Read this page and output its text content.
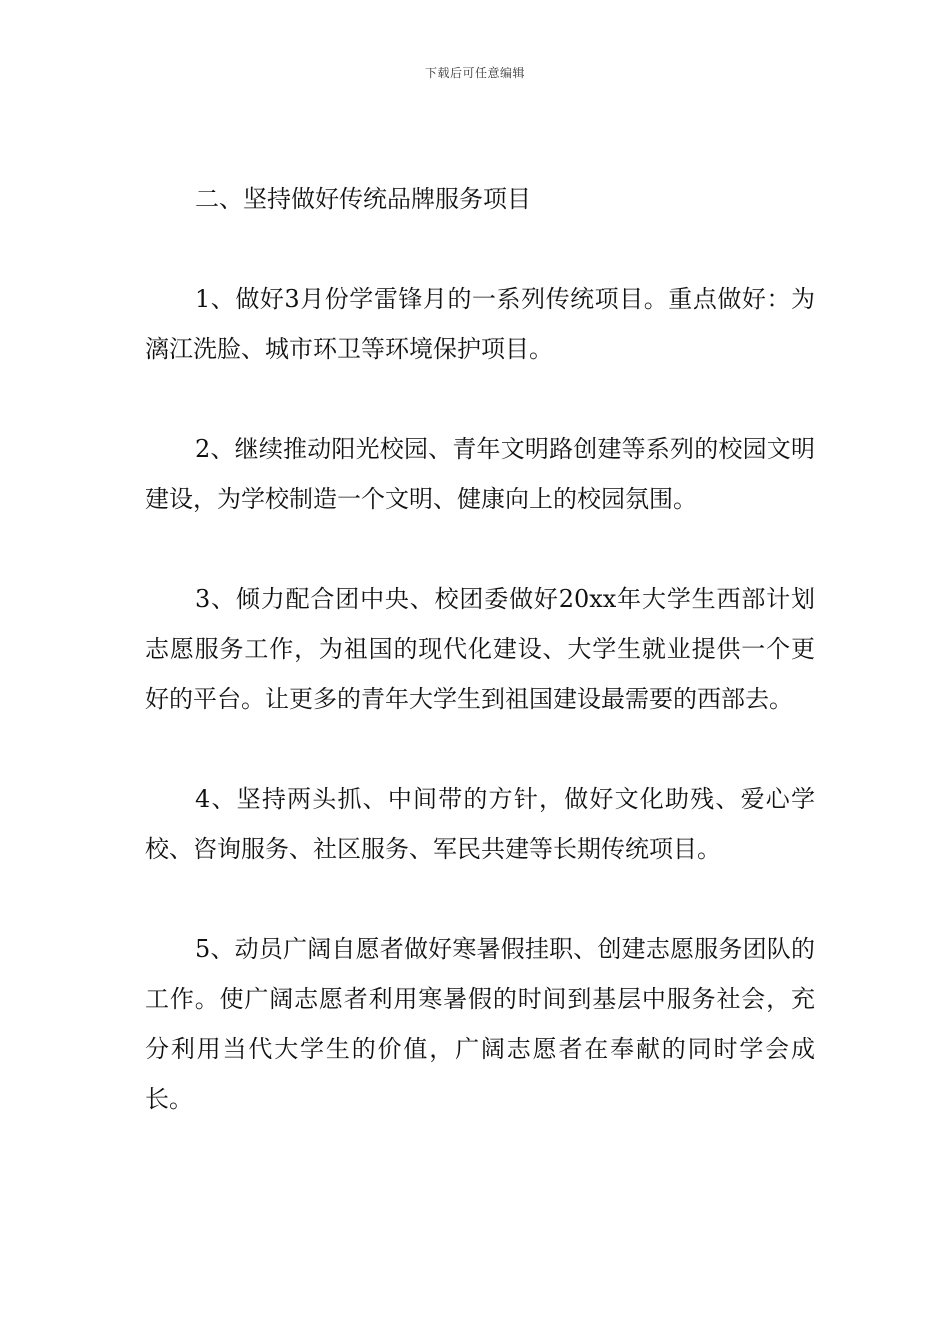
下载后可任意编辑
二、坚持做好传统品牌服务项目

1、做好3月份学雷锋月的一系列传统项目。重点做好：为漓江洗脸、城市环卫等环境保护项目。

2、继续推动阳光校园、青年文明路创建等系列的校园文明建设，为学校制造一个文明、健康向上的校园氛围。

3、倾力配合团中央、校团委做好20xx年大学生西部计划志愿服务工作，为祖国的现代化建设、大学生就业提供一个更好的平台。让更多的青年大学生到祖国建设最需要的西部去。

4、坚持两头抓、中间带的方针，做好文化助残、爱心学校、咨询服务、社区服务、军民共建等长期传统项目。

5、动员广阔自愿者做好寒暑假挂职、创建志愿服务团队的工作。使广阔志愿者利用寒暑假的时间到基层中服务社会，充分利用当代大学生的价值，广阔志愿者在奉献的同时学会成长。
